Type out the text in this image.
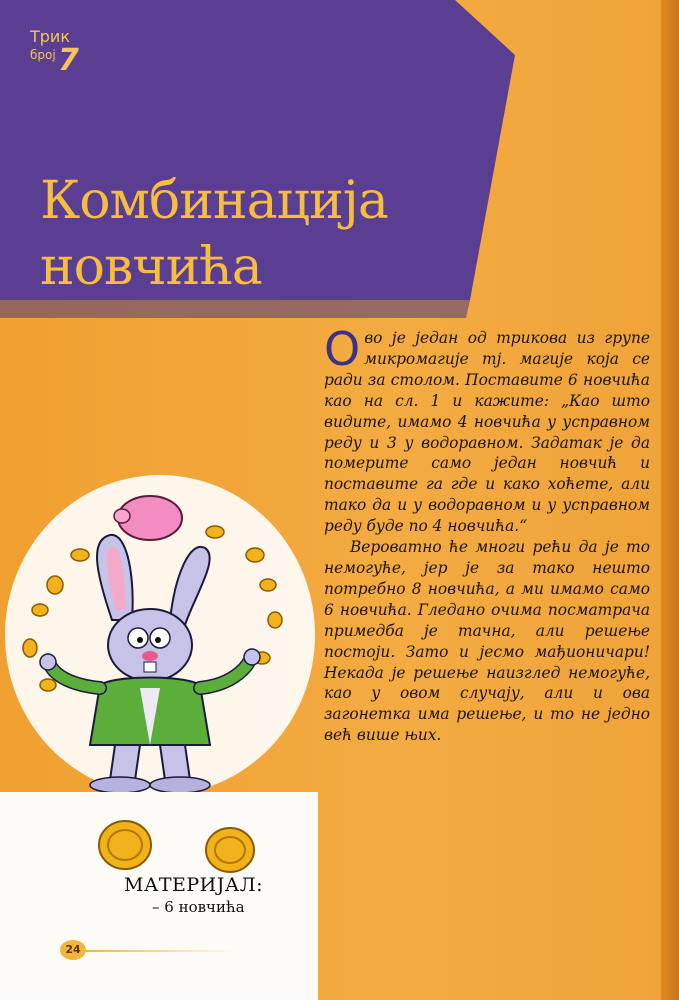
Трик
број 7
Комбинација
новчића
МАТЕРИЈАЛ:
– 6 новчића
24

Ово је један од трикова из групе микромагије тј. магије која се ради за столом. Поставите 6 новчића као на сл. 1 и кажите: „Као што видите, имамо 4 новчића у усправном реду и 3 у водоравном. Задатак је да померите само један новчић и поставите га где и како хоћете, али тако да и у водоравном и у усправном реду буде по 4 новчића.“

Вероватно ће многи рећи да је то немогуће, јер је за тако нешто потребно 8 новчића, а ми имамо само 6 новчића. Гледано очима посматрача примедба је тачна, али решење постоји. Зато и јесмо мађионичари! Некада је решење наизглед немогуће, као у овом случају, али и ова загонетка има решење, и то не једно већ више њих.
